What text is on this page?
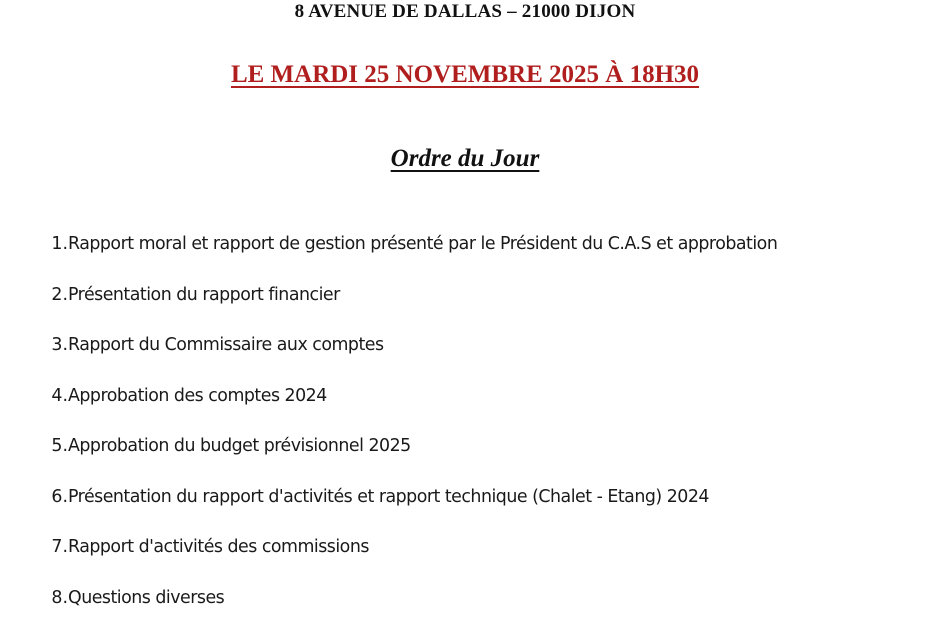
8 AVENUE DE DALLAS – 21000 DIJON
LE MARDI 25 NOVEMBRE 2025 À 18H30
Ordre du Jour
1. Rapport moral et rapport de gestion présenté par le Président du C.A.S et approbation
2. Présentation du rapport financier
3. Rapport du Commissaire aux comptes
4. Approbation des comptes 2024
5. Approbation du budget prévisionnel 2025
6. Présentation du rapport d'activités et rapport technique (Chalet - Etang) 2024
7. Rapport d'activités des commissions
8. Questions diverses
